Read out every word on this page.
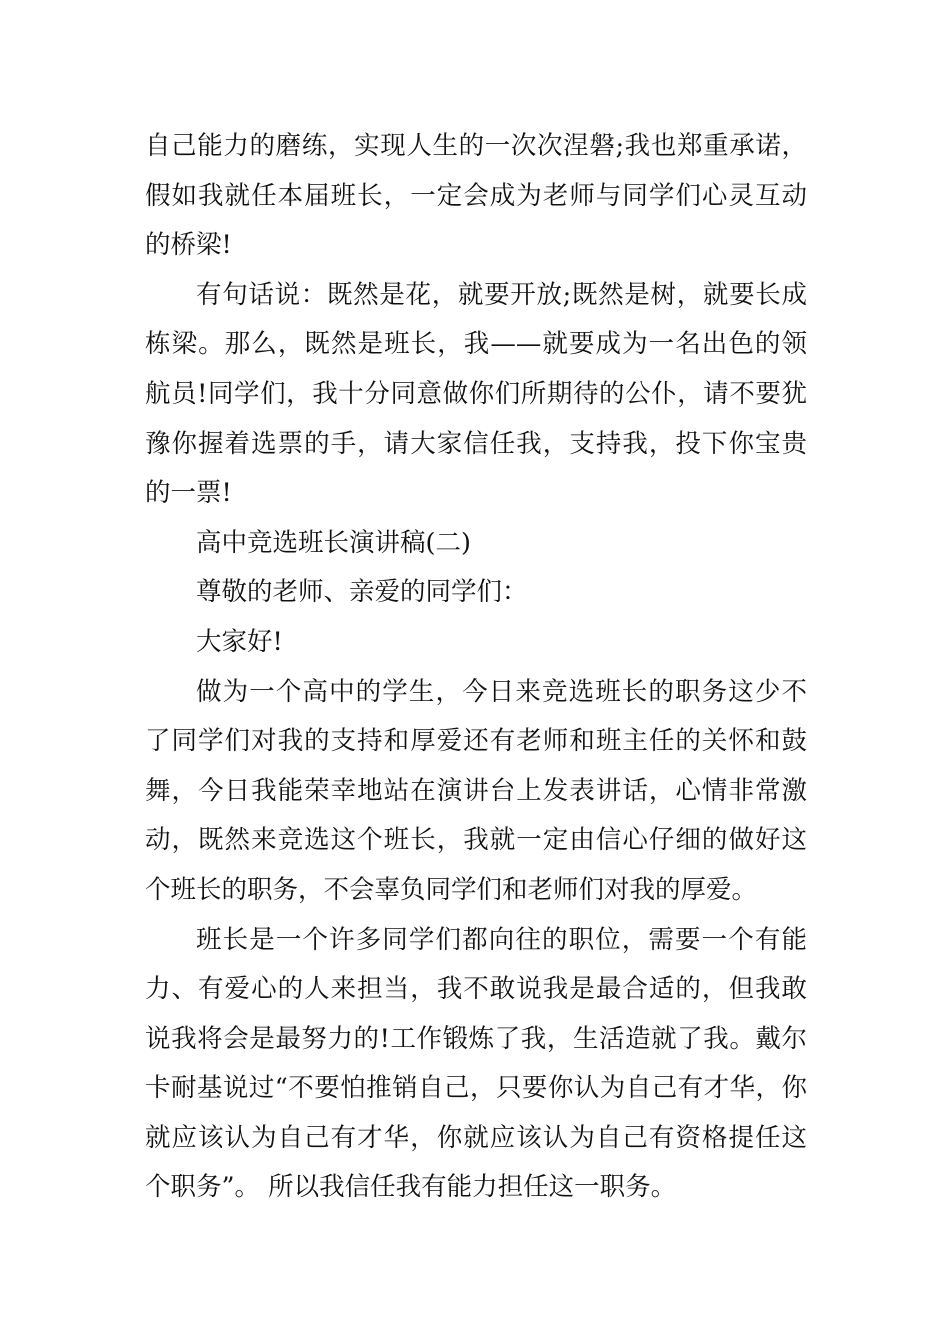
自己能力的磨练，实现人生的一次次涅磐;我也郑重承诺，假如我就任本届班长，一定会成为老师与同学们心灵互动的桥梁!

有句话说：既然是花，就要开放;既然是树，就要长成栋梁。那么，既然是班长，我——就要成为一名出色的领航员!同学们，我十分同意做你们所期待的公仆，请不要犹豫你握着选票的手，请大家信任我，支持我，投下你宝贵的一票!

高中竞选班长演讲稿(二)

尊敬的老师、亲爱的同学们：

大家好!

做为一个高中的学生，今日来竞选班长的职务这少不了同学们对我的支持和厚爱还有老师和班主任的关怀和鼓舞，今日我能荣幸地站在演讲台上发表讲话，心情非常激动，既然来竞选这个班长，我就一定由信心仔细的做好这个班长的职务，不会辜负同学们和老师们对我的厚爱。

班长是一个许多同学们都向往的职位，需要一个有能力、有爱心的人来担当，我不敢说我是最合适的，但我敢说我将会是最努力的!工作锻炼了我，生活造就了我。戴尔卡耐基说过“不要怕推销自己，只要你认为自己有才华，你就应该认为自己有才华，你就应该认为自己有资格提任这个职务”。 所以我信任我有能力担任这一职务。
